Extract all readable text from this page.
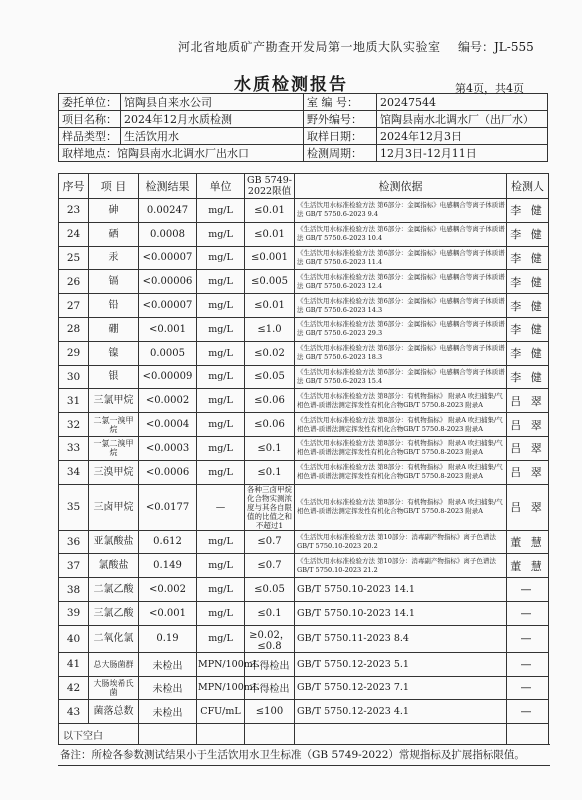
河北省地质矿产勘查开发局第一地质大队实验室 编号：JL-555
水质检测报告	第4页，共4页
委托单位：	馆陶县自来水公司	室 编 号：	20247544
项目名称：	2024年12月水质检测	野外编号：	馆陶县南水北调水厂（出厂水）
样品类型：	生活饮用水	取样日期：	2024年12月3日
取样地点：馆陶县南水北调水厂出水口		检测周期：	12月3日-12月11日
序号	项 目	检测结果	单位	GB 5749-2022限值	检测依据	检测人
23	砷	0.00247	mg/L	≤0.01	《生活饮用水标准检验方法 第6部分：金属指标》电感耦合等离子体质谱法 GB/T 5750.6-2023 9.4	李 健
24	硒	0.0008	mg/L	≤0.01	《生活饮用水标准检验方法 第6部分：金属指标》电感耦合等离子体质谱法 GB/T 5750.6-2023 10.4	李 健
25	汞	<0.00007	mg/L	≤0.001	《生活饮用水标准检验方法 第6部分：金属指标》电感耦合等离子体质谱法 GB/T 5750.6-2023 11.4	李 健
26	镉	<0.00006	mg/L	≤0.005	《生活饮用水标准检验方法 第6部分：金属指标》电感耦合等离子体质谱法 GB/T 5750.6-2023 12.4	李 健
27	铅	<0.00007	mg/L	≤0.01	《生活饮用水标准检验方法 第6部分：金属指标》电感耦合等离子体质谱法 GB/T 5750.6-2023 14.3	李 健
28	硼	<0.001	mg/L	≤1.0	《生活饮用水标准检验方法 第6部分：金属指标》电感耦合等离子体质谱法 GB/T 5750.6-2023 29.3	李 健
29	镍	0.0005	mg/L	≤0.02	《生活饮用水标准检验方法 第6部分：金属指标》电感耦合等离子体质谱法 GB/T 5750.6-2023 18.3	李 健
30	银	<0.00009	mg/L	≤0.05	《生活饮用水标准检验方法 第6部分：金属指标》电感耦合等离子体质谱法 GB/T 5750.6-2023 15.4	李 健
31	三氯甲烷	<0.0002	mg/L	≤0.06	《生活饮用水标准检验方法 第8部分：有机物指标》 附录A 吹扫捕集/气相色谱-质谱法测定挥发性有机化合物GB/T 5750.8-2023 附录A	吕 翠
32	二氯一溴甲烷	<0.0004	mg/L	≤0.06	《生活饮用水标准检验方法 第8部分：有机物指标》 附录A 吹扫捕集/气相色谱-质谱法测定挥发性有机化合物GB/T 5750.8-2023 附录A	吕 翠
33	一氯二溴甲烷	<0.0003	mg/L	≤0.1	《生活饮用水标准检验方法 第8部分：有机物指标》 附录A 吹扫捕集/气相色谱-质谱法测定挥发性有机化合物GB/T 5750.8-2023 附录A	吕 翠
34	三溴甲烷	<0.0006	mg/L	≤0.1	《生活饮用水标准检验方法 第8部分：有机物指标》 附录A 吹扫捕集/气相色谱-质谱法测定挥发性有机化合物GB/T 5750.8-2023 附录A	吕 翠
35	三卤甲烷	<0.0177	—	各种三卤甲烷化合物实测浓度与其各自限值的比值之和不超过1	《生活饮用水标准检验方法 第8部分：有机物指标》 附录A 吹扫捕集/气相色谱-质谱法测定挥发性有机化合物GB/T 5750.8-2023 附录A	吕 翠
36	亚氯酸盐	0.612	mg/L	≤0.7	《生活饮用水标准检验方法 第10部分：消毒副产物指标》离子色谱法 GB/T 5750.10-2023 20.2	董 慧
37	氯酸盐	0.149	mg/L	≤0.7	《生活饮用水标准检验方法 第10部分：消毒副产物指标》离子色谱法 GB/T 5750.10-2023 21.2	董 慧
38	二氯乙酸	<0.002	mg/L	≤0.05	GB/T 5750.10-2023 14.1	—
39	三氯乙酸	<0.001	mg/L	≤0.1	GB/T 5750.10-2023 14.1	—
40	二氧化氯	0.19	mg/L	≥0.02，≤0.8	GB/T 5750.11-2023 8.4	—
41	总大肠菌群	未检出	MPN/100mL	不得检出	GB/T 5750.12-2023 5.1	—
42	大肠埃希氏菌	未检出	MPN/100mL	不得检出	GB/T 5750.12-2023 7.1	—
43	菌落总数	未检出	CFU/mL	≤100	GB/T 5750.12-2023 4.1	—
以下空白						
备注：所检各参数测试结果小于生活饮用水卫生标准（GB 5749-2022）常规指标及扩展指标限值。
